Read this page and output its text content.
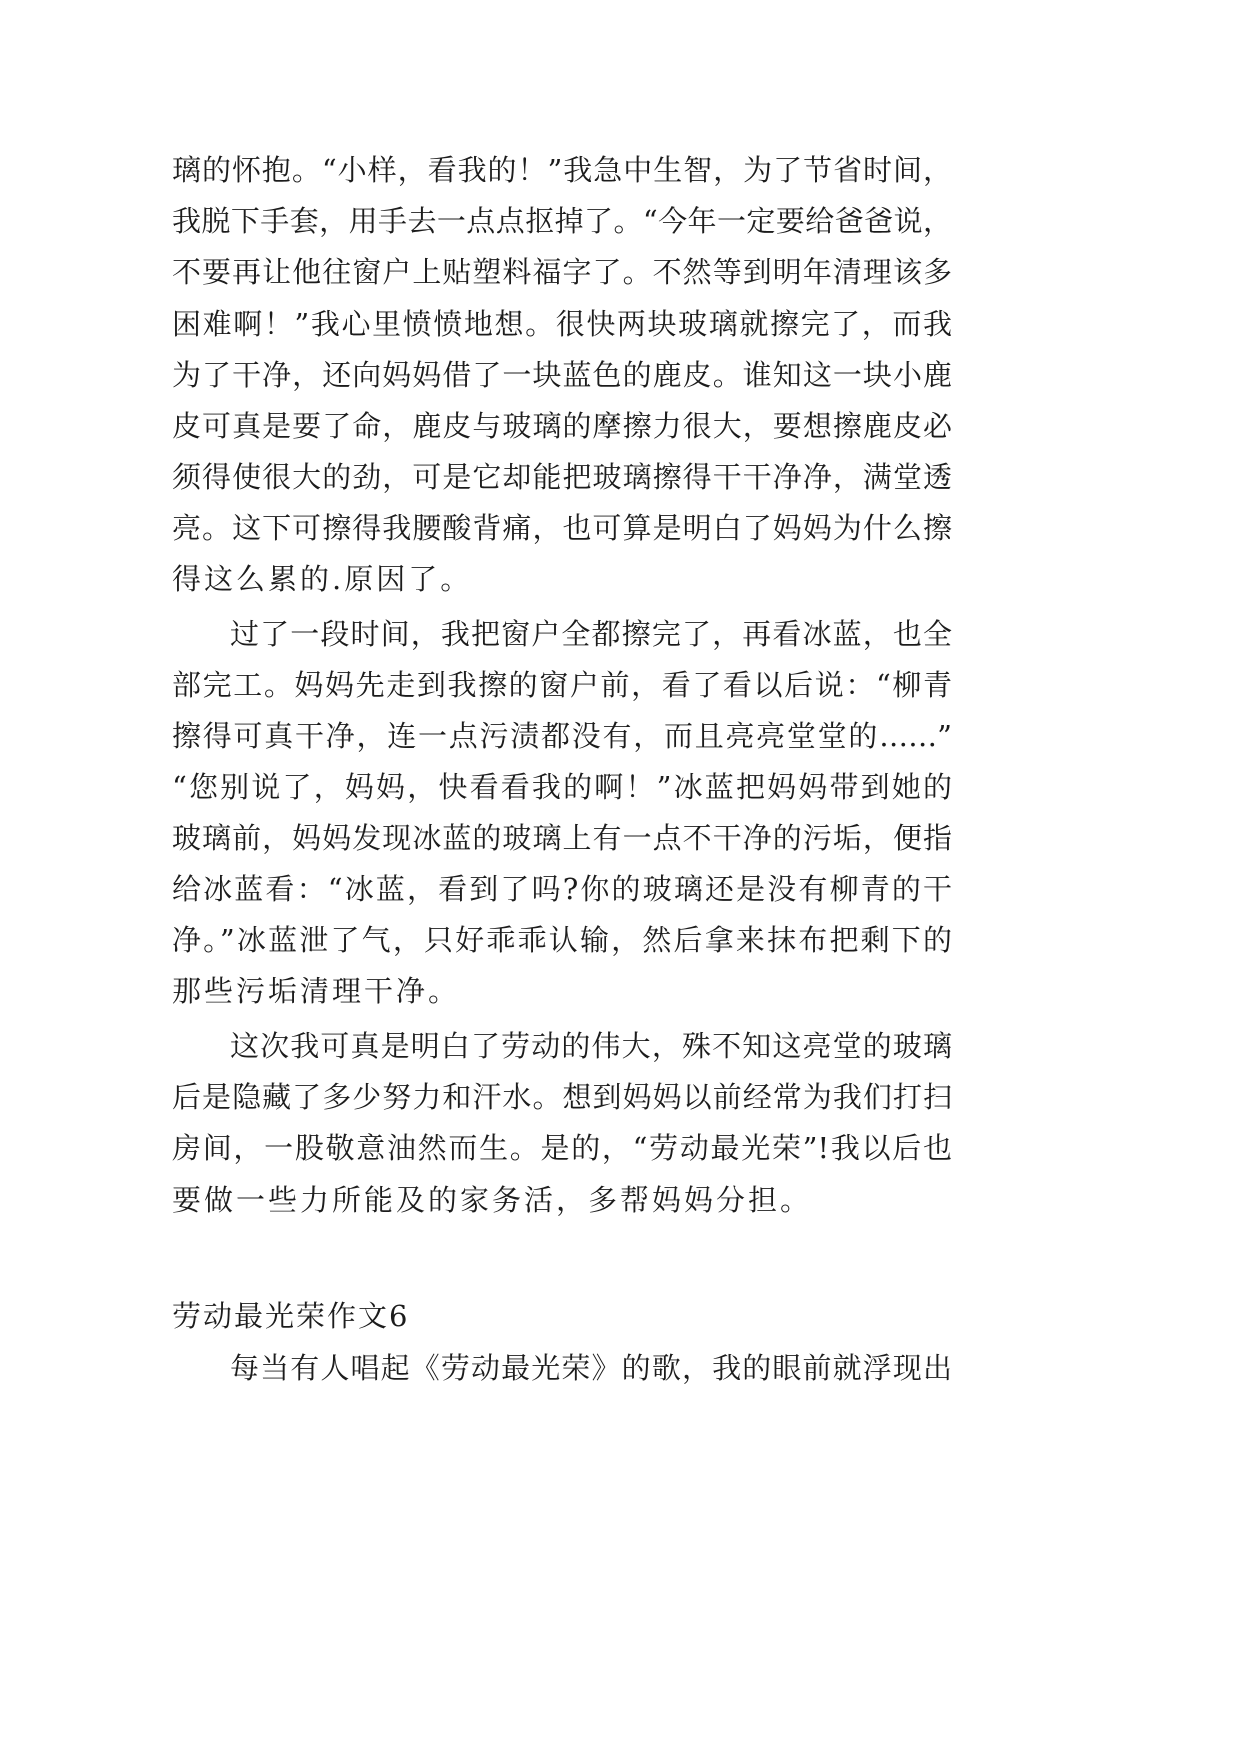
璃的怀抱。“小样，看我的！”我急中生智，为了节省时间，
我脱下手套，用手去一点点抠掉了。“今年一定要给爸爸说，
不要再让他往窗户上贴塑料福字了。不然等到明年清理该多
困难啊！”我心里愤愤地想。很快两块玻璃就擦完了，而我
为了干净，还向妈妈借了一块蓝色的鹿皮。谁知这一块小鹿
皮可真是要了命，鹿皮与玻璃的摩擦力很大，要想擦鹿皮必
须得使很大的劲，可是它却能把玻璃擦得干干净净，满堂透
亮。这下可擦得我腰酸背痛，也可算是明白了妈妈为什么擦
得这么累的.原因了。
过了一段时间，我把窗户全都擦完了，再看冰蓝，也全
部完工。妈妈先走到我擦的窗户前，看了看以后说：“柳青
擦得可真干净，连一点污渍都没有，而且亮亮堂堂的……”
“您别说了，妈妈，快看看我的啊！”冰蓝把妈妈带到她的
玻璃前，妈妈发现冰蓝的玻璃上有一点不干净的污垢，便指
给冰蓝看：“冰蓝，看到了吗?你的玻璃还是没有柳青的干
净。”冰蓝泄了气，只好乖乖认输，然后拿来抹布把剩下的
那些污垢清理干净。
这次我可真是明白了劳动的伟大，殊不知这亮堂的玻璃
后是隐藏了多少努力和汗水。想到妈妈以前经常为我们打扫
房间，一股敬意油然而生。是的，“劳动最光荣”!我以后也
要做一些力所能及的家务活，多帮妈妈分担。
劳动最光荣作文6
每当有人唱起《劳动最光荣》的歌，我的眼前就浮现出
